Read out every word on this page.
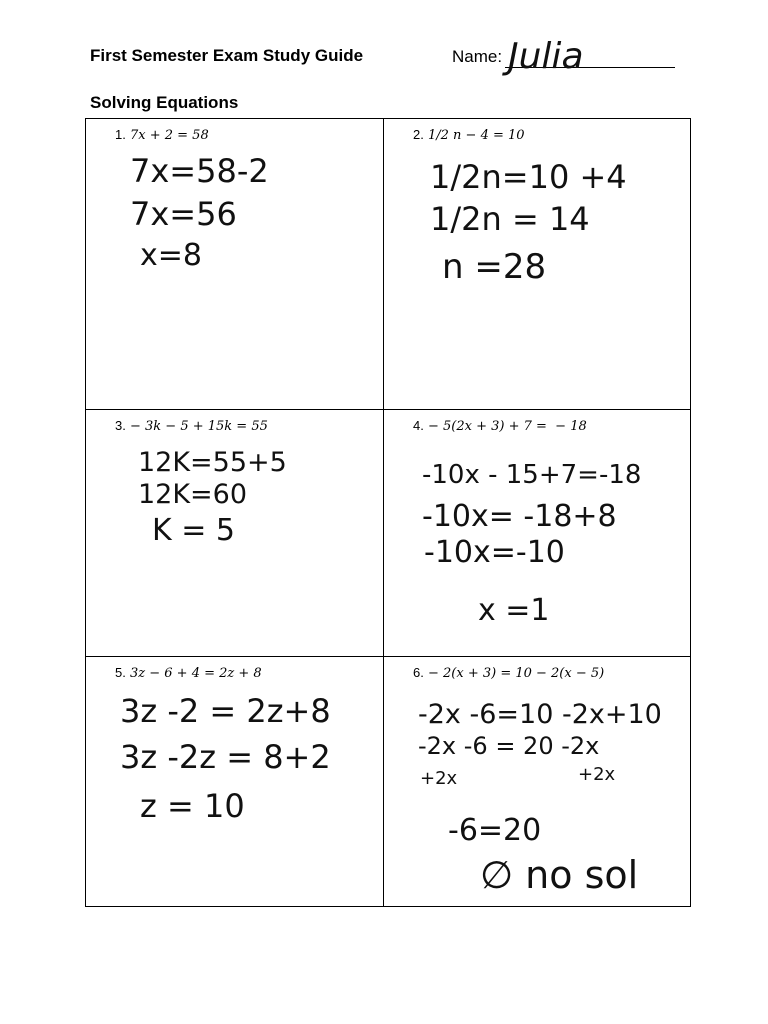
First Semester Exam Study Guide	Name: Julia
Solving Equations
1. 7x + 2 = 58
7x=58-2
7x=56
x=8
2. 1/2 n − 4 = 10
1/2n=10 +4
1/2n = 14
n =28
3. − 3k − 5 + 15k = 55
12K=55+5
12K=60
K = 5
4. − 5(2x + 3) + 7 =  − 18
-10x - 15+7=-18
-10x= -18+8
-10x=-10
x =1
5. 3z − 6 + 4 = 2z + 8
3z -2 = 2z+8
3z -2z = 8+2
z = 10
6. − 2(x + 3) = 10 − 2(x − 5)
-2x -6=10 -2x+10
-2x -6 = 20 -2x
+2x	+2x
-6=20
∅ no sol
